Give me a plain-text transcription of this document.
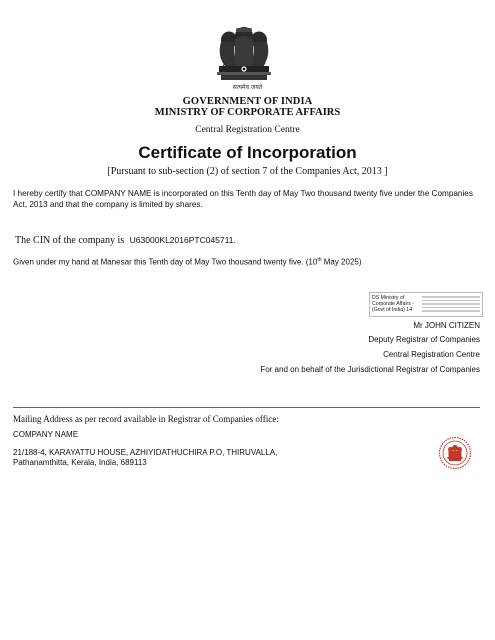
सत्यमेव जयते
GOVERNMENT OF INDIA
MINISTRY OF CORPORATE AFFAIRS
Central Registration Centre
Certificate of Incorporation
[Pursuant to sub-section (2) of section 7 of the Companies Act, 2013 ]
I hereby certify that COMPANY NAME is incorporated on this Tenth day of May Two thousand twenty five under the Companies Act, 2013 and that the company is limited by shares.
The CIN of the company is U63000KL2016PTC045711.
Given under my hand at Manesar this Tenth day of May Two thousand twenty five. (10th May 2025)
DS Ministry of Corporate Affairs - (Govt of India) 14
Mr JOHN CITIZEN
Deputy Registrar of Companies
Central Registration Centre
For and on behalf of the Jurisdictional Registrar of Companies
Mailing Address as per record available in Registrar of Companies office:
COMPANY NAME
21/188-4, KARAYATTU HOUSE, AZHIYIDATHUCHIRA P.O, THIRUVALLA,
Pathanamthitta, Kerala, India, 689113
